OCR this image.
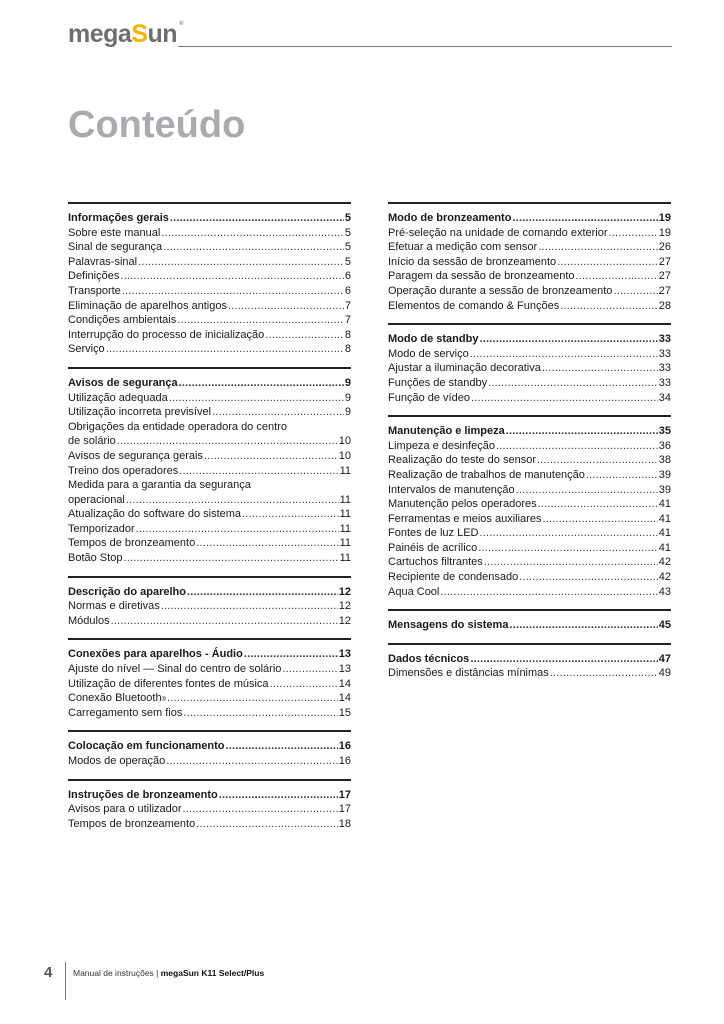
megaSun ®
Conteúdo
Informações gerais .....	5
Sobre este manual .....	5
Sinal de segurança .....	5
Palavras-sinal .....	5
Definições .....	6
Transporte .....	6
Eliminação de aparelhos antigos .....	7
Condições ambientais .....	7
Interrupção do processo de inicialização .....	8
Serviço .....	8
Avisos de segurança .....	9
Utilização adequada .....	9
Utilização incorreta previsível .....	9
Obrigações da entidade operadora do centro
de solário .....	10
Avisos de segurança gerais .....	10
Treino dos operadores .....	11
Medida para a garantia da segurança
operacional .....	11
Atualização do software do sistema .....	11
Temporizador .....	11
Tempos de bronzeamento .....	11
Botão Stop .....	11
Descrição do aparelho .....	12
Normas e diretivas .....	12
Módulos .....	12
Conexões para aparelhos - Áudio .....	13
Ajuste do nível — Sinal do centro de solário .....	13
Utilização de diferentes fontes de música .....	14
Conexão Bluetooth ® .....	14
Carregamento sem fios .....	15
Colocação em funcionamento .....	16
Modos de operação .....	16
Instruções de bronzeamento .....	17
Avisos para o utilizador .....	17
Tempos de bronzeamento .....	18
Modo de bronzeamento .....	19
Pré-seleção na unidade de comando exterior .....	19
Efetuar a medição com sensor .....	26
Início da sessão de bronzeamento .....	27
Paragem da sessão de bronzeamento .....	27
Operação durante a sessão de bronzeamento .....	27
Elementos de comando & Funções .....	28
Modo de standby .....	33
Modo de serviço .....	33
Ajustar a iluminação decorativa .....	33
Funções de standby .....	33
Função de vídeo .....	34
Manutenção e limpeza .....	35
Limpeza e desinfeção .....	36
Realização do teste do sensor .....	38
Realização de trabalhos de manutenção .....	39
Intervalos de manutenção .....	39
Manutenção pelos operadores .....	41
Ferramentas e meios auxiliares .....	41
Fontes de luz LED .....	41
Painéis de acrílico .....	41
Cartuchos filtrantes .....	42
Recipiente de condensado .....	42
Aqua Cool .....	43
Mensagens do sistema .....	45
Dados técnicos .....	47
Dimensões e distâncias mínimas .....	49
4 Manual de instruções | megaSun K11 Select/Plus
